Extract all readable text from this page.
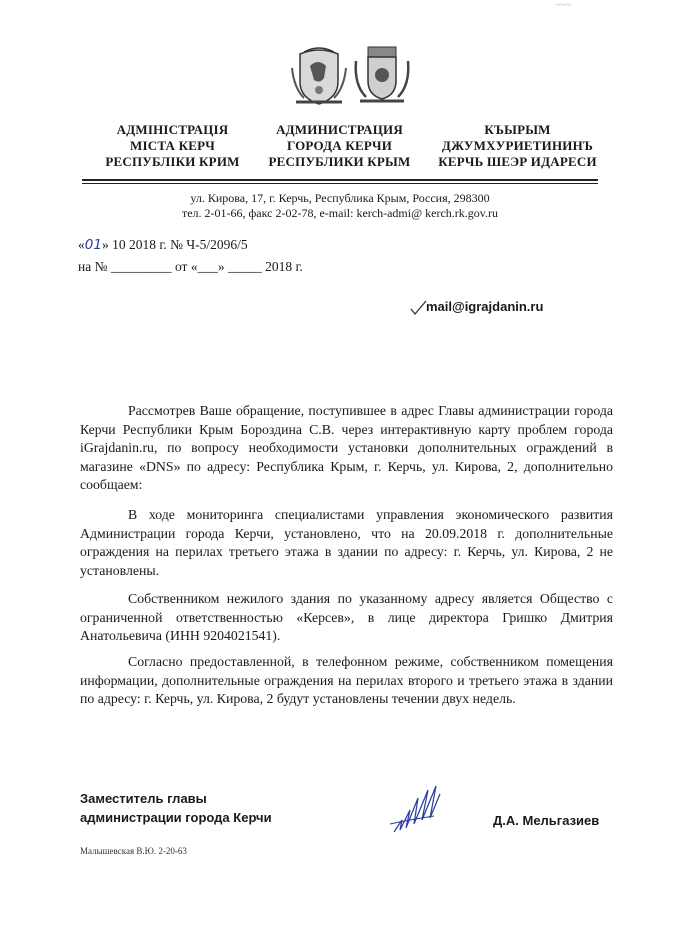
~~~
АДМІНІСТРАЦІЯ
МІСТА КЕРЧ
РЕСПУБЛІКИ КРИМ
АДМИНИСТРАЦИЯ
ГОРОДА КЕРЧИ
РЕСПУБЛИКИ КРЫМ
КЪЫРЫМ
ДЖУМХУРИЕТИНИНЪ
КЕРЧЬ ШЕЭР ИДАРЕСИ
ул. Кирова, 17, г. Керчь, Республика Крым, Россия, 298300
тел. 2-01-66, факс 2-02-78, e-mail: kerch-admi@ kerch.rk.gov.ru
«01» 10 2018 г. № Ч-5/2096/5
на № _________ от «___» _____ 2018 г.
mail@igrajdanin.ru

Рассмотрев Ваше обращение, поступившее в адрес Главы администрации города Керчи Республики Крым Бороздина С.В. через интерактивную карту проблем города iGrajdanin.ru, по вопросу необходимости установки дополнительных ограждений в магазине «DNS» по адресу: Республика Крым, г. Керчь, ул. Кирова, 2, дополнительно сообщаем:

В ходе мониторинга специалистами управления экономического развития Администрации города Керчи, установлено, что на 20.09.2018 г. дополнительные ограждения на перилах третьего этажа в здании по адресу: г. Керчь, ул. Кирова, 2 не установлены.

Собственником нежилого здания по указанному адресу является Общество с ограниченной ответственностью «Керсев», в лице директора Гришко Дмитрия Анатольевича (ИНН 9204021541).

Согласно предоставленной, в телефонном режиме, собственником помещения информации, дополнительные ограждения на перилах второго и третьего этажа в здании по адресу: г. Керчь, ул. Кирова, 2 будут установлены течении двух недель.

Заместитель главы
администрации города Керчи	Д.А. Мельгазиев
Малышевская В.Ю. 2-20-63
